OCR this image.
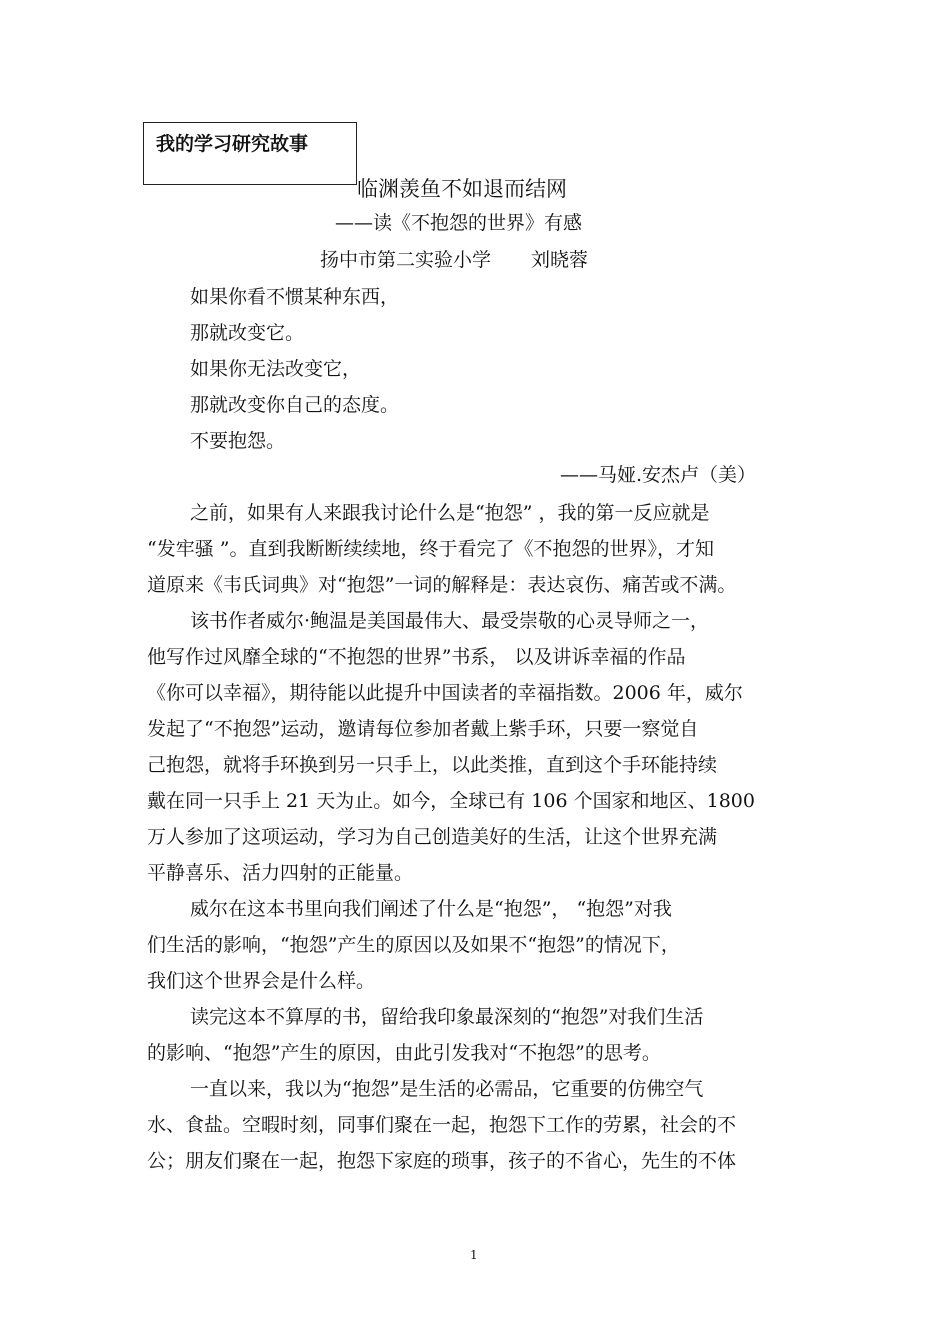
我的学习研究故事

临渊羡鱼不如退而结网

——读《不抱怨的世界》有感

扬中市第二实验小学 刘晓蓉

如果你看不惯某种东西，

那就改变它。

如果你无法改变它，

那就改变你自己的态度。

不要抱怨。

——马娅.安杰卢（美）

之前，如果有人来跟我讨论什么是“抱怨” ，我的第一反应就是

“发牢骚 ”。直到我断断续续地，终于看完了《不抱怨的世界》，才知

道原来《韦氏词典》对“抱怨”一词的解释是：表达哀伤、痛苦或不满。

该书作者威尔·鲍温是美国最伟大、最受崇敬的心灵导师之一，

他写作过风靡全球的“不抱怨的世界”书系， 以及讲诉幸福的作品

《你可以幸福》，期待能以此提升中国读者的幸福指数。2006 年，威尔

发起了“不抱怨”运动，邀请每位参加者戴上紫手环，只要一察觉自

己抱怨，就将手环换到另一只手上，以此类推，直到这个手环能持续

戴在同一只手上 21 天为止。如今，全球已有 106 个国家和地区、1800

万人参加了这项运动，学习为自己创造美好的生活，让这个世界充满

平静喜乐、活力四射的正能量。

威尔在这本书里向我们阐述了什么是“抱怨”， “抱怨”对我

们生活的影响，“抱怨”产生的原因以及如果不“抱怨”的情况下，

我们这个世界会是什么样。

读完这本不算厚的书，留给我印象最深刻的“抱怨”对我们生活

的影响、“抱怨”产生的原因，由此引发我对“不抱怨”的思考。

一直以来，我以为“抱怨”是生活的必需品，它重要的仿佛空气

水、食盐。空暇时刻，同事们聚在一起，抱怨下工作的劳累，社会的不

公；朋友们聚在一起，抱怨下家庭的琐事，孩子的不省心，先生的不体

1
